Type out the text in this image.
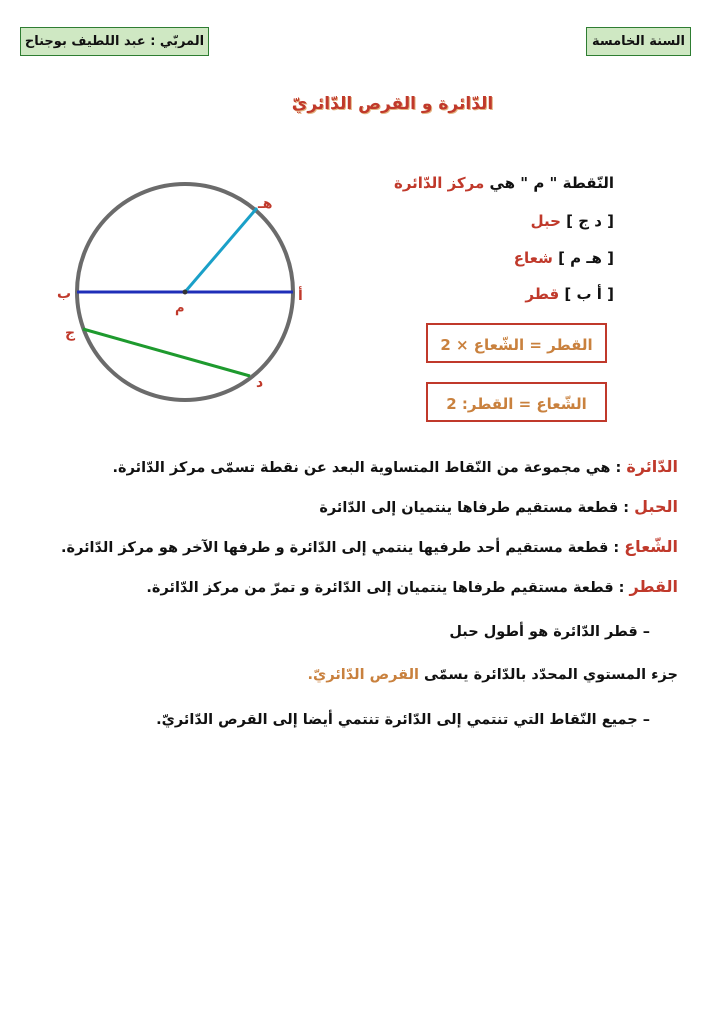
السنة الخامسة
المربّي : عبد اللطيف بوجناح
الدّائرة و القرص الدّائريّ
هـ
أ
ب
م
ج
د
النّقطة " م " هي مركز الدّائرة
[ د ج ] حبل
[ هـ م ] شعاع
[ أ ب ] قطر
القطر = الشّعاع × 2
الشّعاع = القطر: 2
الدّائرة : هي مجموعة من النّقاط المتساوية البعد عن نقطة تسمّى مركز الدّائرة.
الحبل : قطعة مستقيم طرفاها ينتميان إلى الدّائرة
الشّعاع : قطعة مستقيم أحد طرفيها ينتمي إلى الدّائرة و طرفها الآخر هو مركز الدّائرة.
القطر : قطعة مستقيم طرفاها ينتميان إلى الدّائرة و تمرّ من مركز الدّائرة.
– قطر الدّائرة هو أطول حبل
جزء المستوي المحدّد بالدّائرة يسمّى القرص الدّائريّ.
– جميع النّقاط التي تنتمي إلى الدّائرة تنتمي أيضا إلى القرص الدّائريّ.
